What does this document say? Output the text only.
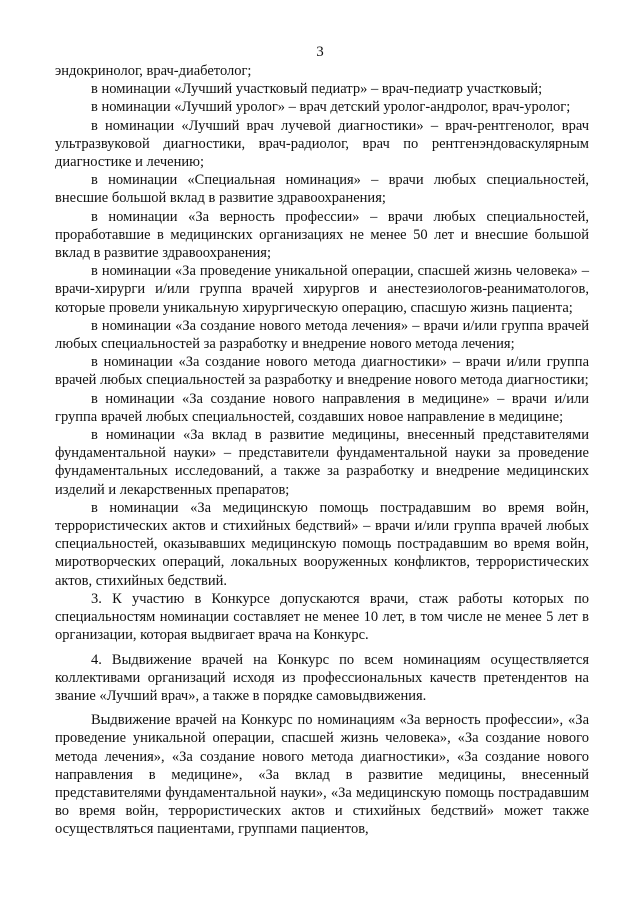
3

эндокринолог, врач-диабетолог;

в номинации «Лучший участковый педиатр» – врач-педиатр участковый;

в номинации «Лучший уролог» – врач детский уролог-андролог, врач-уролог;

в номинации «Лучший врач лучевой диагностики» – врач-рентгенолог, врач ультразвуковой диагностики, врач-радиолог, врач по рентгенэндоваскулярным диагностике и лечению;

в номинации «Специальная номинация» – врачи любых специальностей, внесшие большой вклад в развитие здравоохранения;

в номинации «За верность профессии» – врачи любых специальностей, проработавшие в медицинских организациях не менее 50 лет и внесшие большой вклад в развитие здравоохранения;

в номинации «За проведение уникальной операции, спасшей жизнь человека» – врачи-хирурги и/или группа врачей хирургов и анестезиологов-реаниматологов, которые провели уникальную хирургическую операцию, спасшую жизнь пациента;

в номинации «За создание нового метода лечения» – врачи и/или группа врачей любых специальностей за разработку и внедрение нового метода лечения;

в номинации «За создание нового метода диагностики» – врачи и/или группа врачей любых специальностей за разработку и внедрение нового метода диагностики;

в номинации «За создание нового направления в медицине» – врачи и/или группа врачей любых специальностей, создавших новое направление в медицине;

в номинации «За вклад в развитие медицины, внесенный представителями фундаментальной науки» – представители фундаментальной науки за проведение фундаментальных исследований, а также за разработку и внедрение медицинских изделий и лекарственных препаратов;

в номинации «За медицинскую помощь пострадавшим во время войн, террористических актов и стихийных бедствий» – врачи и/или группа врачей любых специальностей, оказывавших медицинскую помощь пострадавшим во время войн, миротворческих операций, локальных вооруженных конфликтов, террористических актов, стихийных бедствий.

3. К участию в Конкурсе допускаются врачи, стаж работы которых по специальностям номинации составляет не менее 10 лет, в том числе не менее 5 лет в организации, которая выдвигает врача на Конкурс.

4. Выдвижение врачей на Конкурс по всем номинациям осуществляется коллективами организаций исходя из профессиональных качеств претендентов на звание «Лучший врач», а также в порядке самовыдвижения.

Выдвижение врачей на Конкурс по номинациям «За верность профессии», «За проведение уникальной операции, спасшей жизнь человека», «За создание нового метода лечения», «За создание нового метода диагностики», «За создание нового направления в медицине», «За вклад в развитие медицины, внесенный представителями фундаментальной науки», «За медицинскую помощь пострадавшим во время войн, террористических актов и стихийных бедствий» может также осуществляться пациентами, группами пациентов,
